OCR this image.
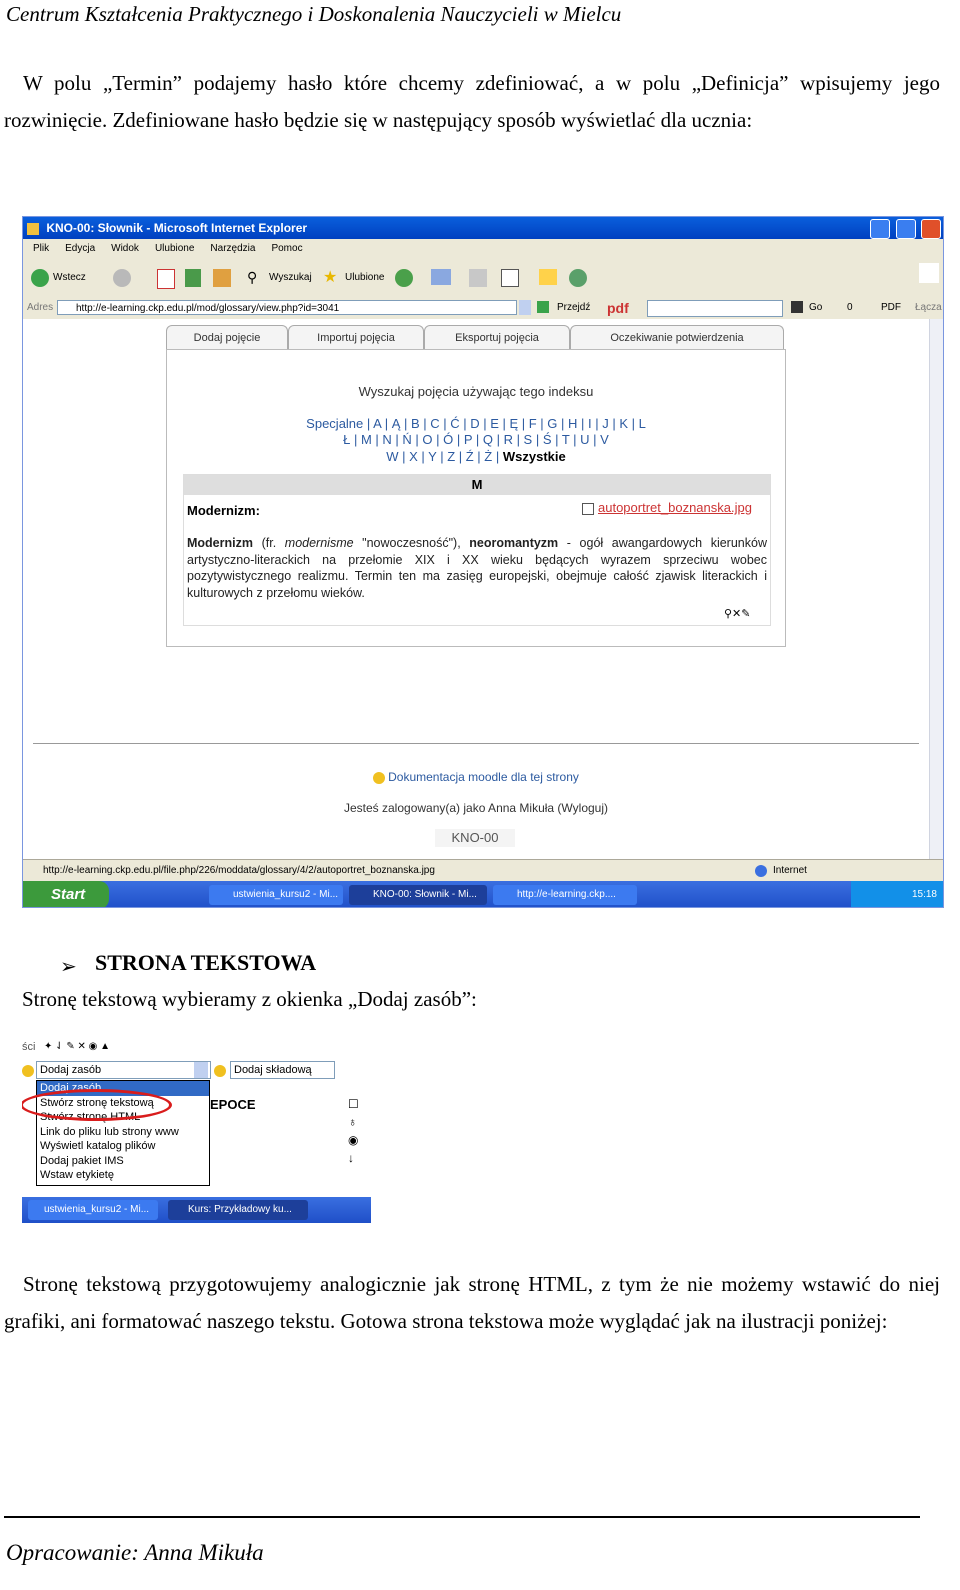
Centrum Kształcenia Praktycznego i Doskonalenia Nauczycieli w Mielcu
W polu „Termin” podajemy hasło które chcemy zdefiniować, a w polu „Definicja” wpisujemy jego rozwinięcie. Zdefiniowane hasło będzie się w następujący sposób wyświetlać dla ucznia:
KNO-00: Słownik - Microsoft Internet Explorer

Plik Edycja Widok Ulubione Narzędzia Pomoc
Wstecz	⚲ Wyszukaj ★ Ulubione
Adres	http://e-learning.ckp.edu.pl/mod/glossary/view.php?id=3041	Przejdź pdf	Go 0	PDF Łącza
Dodaj pojęcie	Importuj pojęcia	Eksportuj pojęcia	Oczekiwanie potwierdzenia
Wyszukaj pojęcia używając tego indeksu
Specjalne | A | Ą | B | C | Ć | D | E | Ę | F | G | H | I | J | K | L
Ł | M | N | Ń | O | Ó | P | Q | R | S | Ś | T | U | V
W | X | Y | Z | Ź | Ż | Wszystkie
M
Modernizm:	autoportret_boznanska.jpg
Modernizm (fr. modernisme "nowoczesność"), neoromantyzm - ogół awangardowych kierunków artystyczno-literackich na przełomie XIX i XX wieku będących wyrazem sprzeciwu wobec pozytywistycznego realizmu. Termin ten ma zasięg europejski, obejmuje całość zjawisk literackich i kulturowych z przełomu wieków.
⚲✕✎
Dokumentacja moodle dla tej strony
Jesteś zalogowany(a) jako Anna Mikuła (Wyloguj)
KNO-00
http://e-learning.ckp.edu.pl/file.php/226/moddata/glossary/4/2/autoportret_boznanska.jpg	Internet
Start	ustwienia_kursu2 - Mi...	KNO-00: Słownik - Mi...	http://e-learning.ckp....	15:18
➢ STRONA TEKSTOWA
Stronę tekstową wybieramy z okienka „Dodaj zasób”:
ści ✦ ⇃ ✎ ✕ ◉ ▲
Dodaj zasób	Dodaj składową
Dodaj zasób
Stwórz stronę tekstową
Stwórz stronę HTML
Link do pliku lub strony www
Wyświetl katalog plików
Dodaj pakiet IMS
Wstaw etykietę
EPOCE	☐
♁
◉
↓
ustwienia_kursu2 - Mi...	Kurs: Przykładowy ku...
Stronę tekstową przygotowujemy analogicznie jak stronę HTML, z tym że nie możemy wstawić do niej grafiki, ani formatować naszego tekstu. Gotowa strona tekstowa może wyglądać jak na ilustracji poniżej:
Opracowanie: Anna Mikuła
